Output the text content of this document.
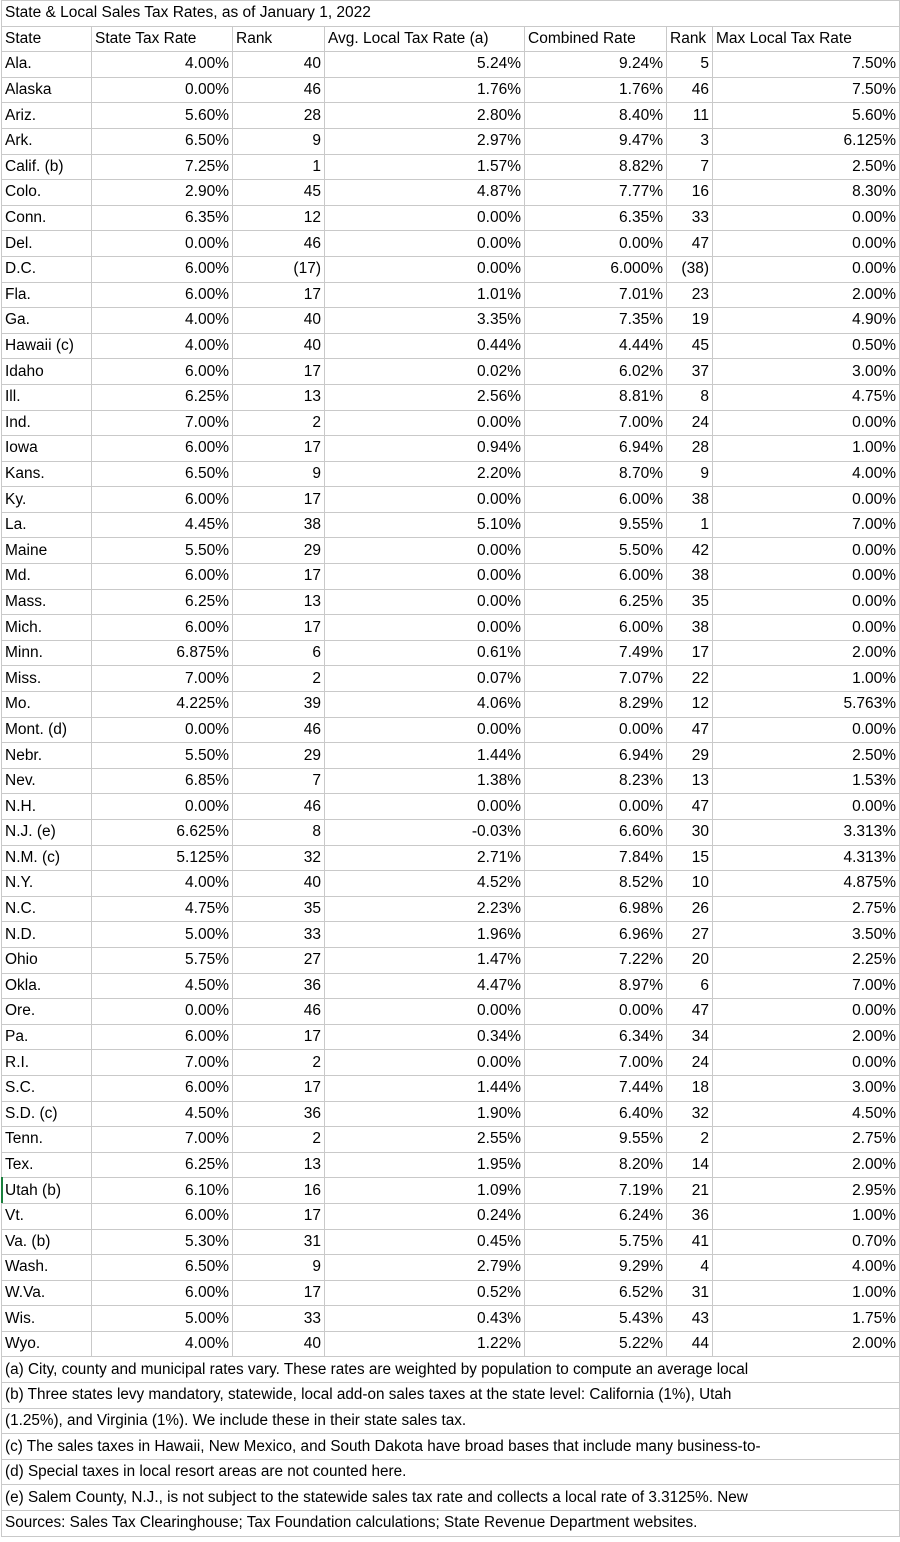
State & Local Sales Tax Rates, as of January 1, 2022						
State	State Tax Rate	Rank	Avg. Local Tax Rate (a)	Combined Rate	Rank	Max Local Tax Rate
Ala.	4.00%	40	5.24%	9.24%	5	7.50%
Alaska	0.00%	46	1.76%	1.76%	46	7.50%
Ariz.	5.60%	28	2.80%	8.40%	11	5.60%
Ark.	6.50%	9	2.97%	9.47%	3	6.125%
Calif. (b)	7.25%	1	1.57%	8.82%	7	2.50%
Colo.	2.90%	45	4.87%	7.77%	16	8.30%
Conn.	6.35%	12	0.00%	6.35%	33	0.00%
Del.	0.00%	46	0.00%	0.00%	47	0.00%
D.C.	6.00%	(17)	0.00%	6.000%	(38)	0.00%
Fla.	6.00%	17	1.01%	7.01%	23	2.00%
Ga.	4.00%	40	3.35%	7.35%	19	4.90%
Hawaii (c)	4.00%	40	0.44%	4.44%	45	0.50%
Idaho	6.00%	17	0.02%	6.02%	37	3.00%
Ill.	6.25%	13	2.56%	8.81%	8	4.75%
Ind.	7.00%	2	0.00%	7.00%	24	0.00%
Iowa	6.00%	17	0.94%	6.94%	28	1.00%
Kans.	6.50%	9	2.20%	8.70%	9	4.00%
Ky.	6.00%	17	0.00%	6.00%	38	0.00%
La.	4.45%	38	5.10%	9.55%	1	7.00%
Maine	5.50%	29	0.00%	5.50%	42	0.00%
Md.	6.00%	17	0.00%	6.00%	38	0.00%
Mass.	6.25%	13	0.00%	6.25%	35	0.00%
Mich.	6.00%	17	0.00%	6.00%	38	0.00%
Minn.	6.875%	6	0.61%	7.49%	17	2.00%
Miss.	7.00%	2	0.07%	7.07%	22	1.00%
Mo.	4.225%	39	4.06%	8.29%	12	5.763%
Mont. (d)	0.00%	46	0.00%	0.00%	47	0.00%
Nebr.	5.50%	29	1.44%	6.94%	29	2.50%
Nev.	6.85%	7	1.38%	8.23%	13	1.53%
N.H.	0.00%	46	0.00%	0.00%	47	0.00%
N.J. (e)	6.625%	8	-0.03%	6.60%	30	3.313%
N.M. (c)	5.125%	32	2.71%	7.84%	15	4.313%
N.Y.	4.00%	40	4.52%	8.52%	10	4.875%
N.C.	4.75%	35	2.23%	6.98%	26	2.75%
N.D.	5.00%	33	1.96%	6.96%	27	3.50%
Ohio	5.75%	27	1.47%	7.22%	20	2.25%
Okla.	4.50%	36	4.47%	8.97%	6	7.00%
Ore.	0.00%	46	0.00%	0.00%	47	0.00%
Pa.	6.00%	17	0.34%	6.34%	34	2.00%
R.I.	7.00%	2	0.00%	7.00%	24	0.00%
S.C.	6.00%	17	1.44%	7.44%	18	3.00%
S.D. (c)	4.50%	36	1.90%	6.40%	32	4.50%
Tenn.	7.00%	2	2.55%	9.55%	2	2.75%
Tex.	6.25%	13	1.95%	8.20%	14	2.00%
Utah (b)	6.10%	16	1.09%	7.19%	21	2.95%
Vt.	6.00%	17	0.24%	6.24%	36	1.00%
Va. (b)	5.30%	31	0.45%	5.75%	41	0.70%
Wash.	6.50%	9	2.79%	9.29%	4	4.00%
W.Va.	6.00%	17	0.52%	6.52%	31	1.00%
Wis.	5.00%	33	0.43%	5.43%	43	1.75%
Wyo.	4.00%	40	1.22%	5.22%	44	2.00%
(a) City, county and municipal rates vary. These rates are weighted by population to compute an average local						
(b) Three states levy mandatory, statewide, local add-on sales taxes at the state level: California (1%), Utah						
(1.25%), and Virginia (1%). We include these in their state sales tax.						
(c) The sales taxes in Hawaii, New Mexico, and South Dakota have broad bases that include many business-to-						
(d) Special taxes in local resort areas are not counted here.						
(e) Salem County, N.J., is not subject to the statewide sales tax rate and collects a local rate of 3.3125%. New						
Sources: Sales Tax Clearinghouse; Tax Foundation calculations; State Revenue Department websites.						
